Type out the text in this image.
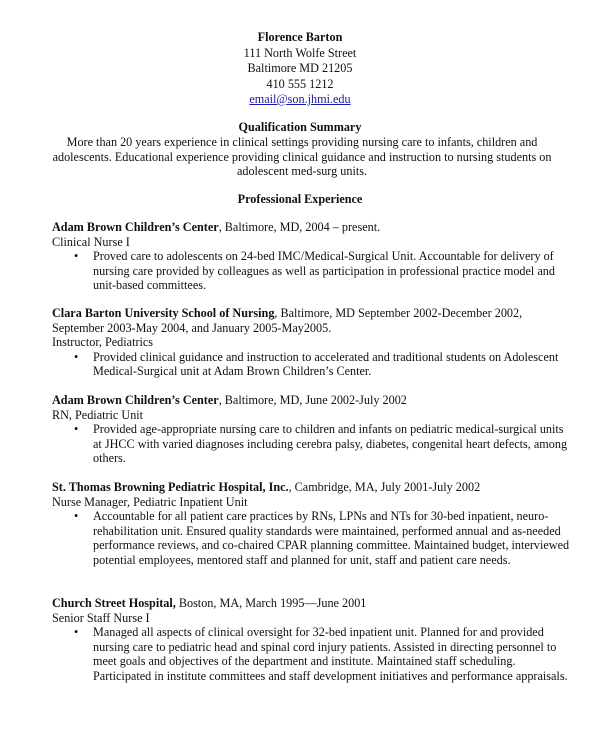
Florence Barton
111 North Wolfe Street
Baltimore MD 21205
410 555 1212
email@son.jhmi.edu
Qualification Summary
More than 20 years experience in clinical settings providing nursing care to infants, children and adolescents. Educational experience providing clinical guidance and instruction to nursing students on adolescent med-surg units.
Professional Experience
Adam Brown Children’s Center, Baltimore, MD, 2004 – present.
Clinical Nurse I
• Proved care to adolescents on 24-bed IMC/Medical-Surgical Unit. Accountable for delivery of nursing care provided by colleagues as well as participation in professional practice model and unit-based committees.
Clara Barton University School of Nursing, Baltimore, MD September 2002-December 2002, September 2003-May 2004, and January 2005-May2005.
Instructor, Pediatrics
• Provided clinical guidance and instruction to accelerated and traditional students on Adolescent Medical-Surgical unit at Adam Brown Children’s Center.
Adam Brown Children’s Center, Baltimore, MD, June 2002-July 2002
RN, Pediatric Unit
• Provided age-appropriate nursing care to children and infants on pediatric medical-surgical units at JHCC with varied diagnoses including cerebra palsy, diabetes, congenital heart defects, among others.
St. Thomas Browning Pediatric Hospital, Inc., Cambridge, MA, July 2001-July 2002
Nurse Manager, Pediatric Inpatient Unit
• Accountable for all patient care practices by RNs, LPNs and NTs for 30-bed inpatient, neuro-rehabilitation unit. Ensured quality standards were maintained, performed annual and as-needed performance reviews, and co-chaired CPAR planning committee. Maintained budget, interviewed potential employees, mentored staff and planned for unit, staff and patient care needs.
Church Street Hospital, Boston, MA, March 1995—June 2001
Senior Staff Nurse I
• Managed all aspects of clinical oversight for 32-bed inpatient unit. Planned for and provided nursing care to pediatric head and spinal cord injury patients. Assisted in directing personnel to meet goals and objectives of the department and institute. Maintained staff scheduling. Participated in institute committees and staff development initiatives and performance appraisals.
